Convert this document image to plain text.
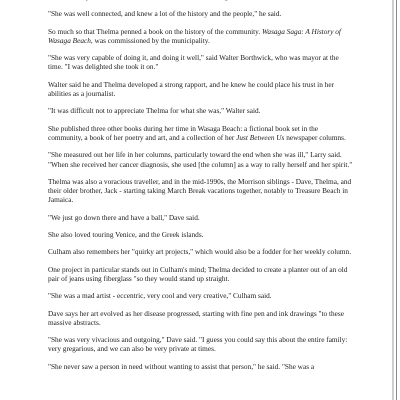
"She was well connected, and knew a lot of the history and the people," he said.

So much so that Thelma penned a book on the history of the community. Wasaga Saga: A History of Wasaga Beach, was commissioned by the municipality.

"She was very capable of doing it, and doing it well," said Walter Borthwick, who was mayor at the time. "I was delighted she took it on."

Walter said he and Thelma developed a strong rapport, and he knew he could place his trust in her abilities as a journalist.

"It was difficult not to appreciate Thelma for what she was," Walter said.

She published three other books during her time in Wasaga Beach: a fictional book set in the community, a book of her poetry and art, and a collection of her Just Between Us newspaper columns.

"She measured out her life in her columns, particularly toward the end when she was ill," Larry said. "When she received her cancer diagnosis, she used [the column] as a way to rally herself and her spirit."

Thelma was also a voracious traveller, and in the mid-1990s, the Morrison siblings - Dave, Thelma, and their older brother, Jack - starting taking March Break vacations together, notably to Treasure Beach in Jamaica.

"We just go down there and have a ball," Dave said.

She also loved touring Venice, and the Greek islands.

Culham also remembers her "quirky art projects," which would also be a fodder for her weekly column.

One project in particular stands out in Culham's mind; Thelma decided to create a planter out of an old pair of jeans using fiberglass "so they would stand up straight.

"She was a mad artist - eccentric, very cool and very creative," Culham said.

Dave says her art evolved as her disease progressed, starting with fine pen and ink drawings "to these massive abstracts.

"She was very vivacious and outgoing," Dave said. "I guess you could say this about the entire family: very gregarious, and we can also be very private at times.

"She never saw a person in need without wanting to assist that person," he said. "She was a
